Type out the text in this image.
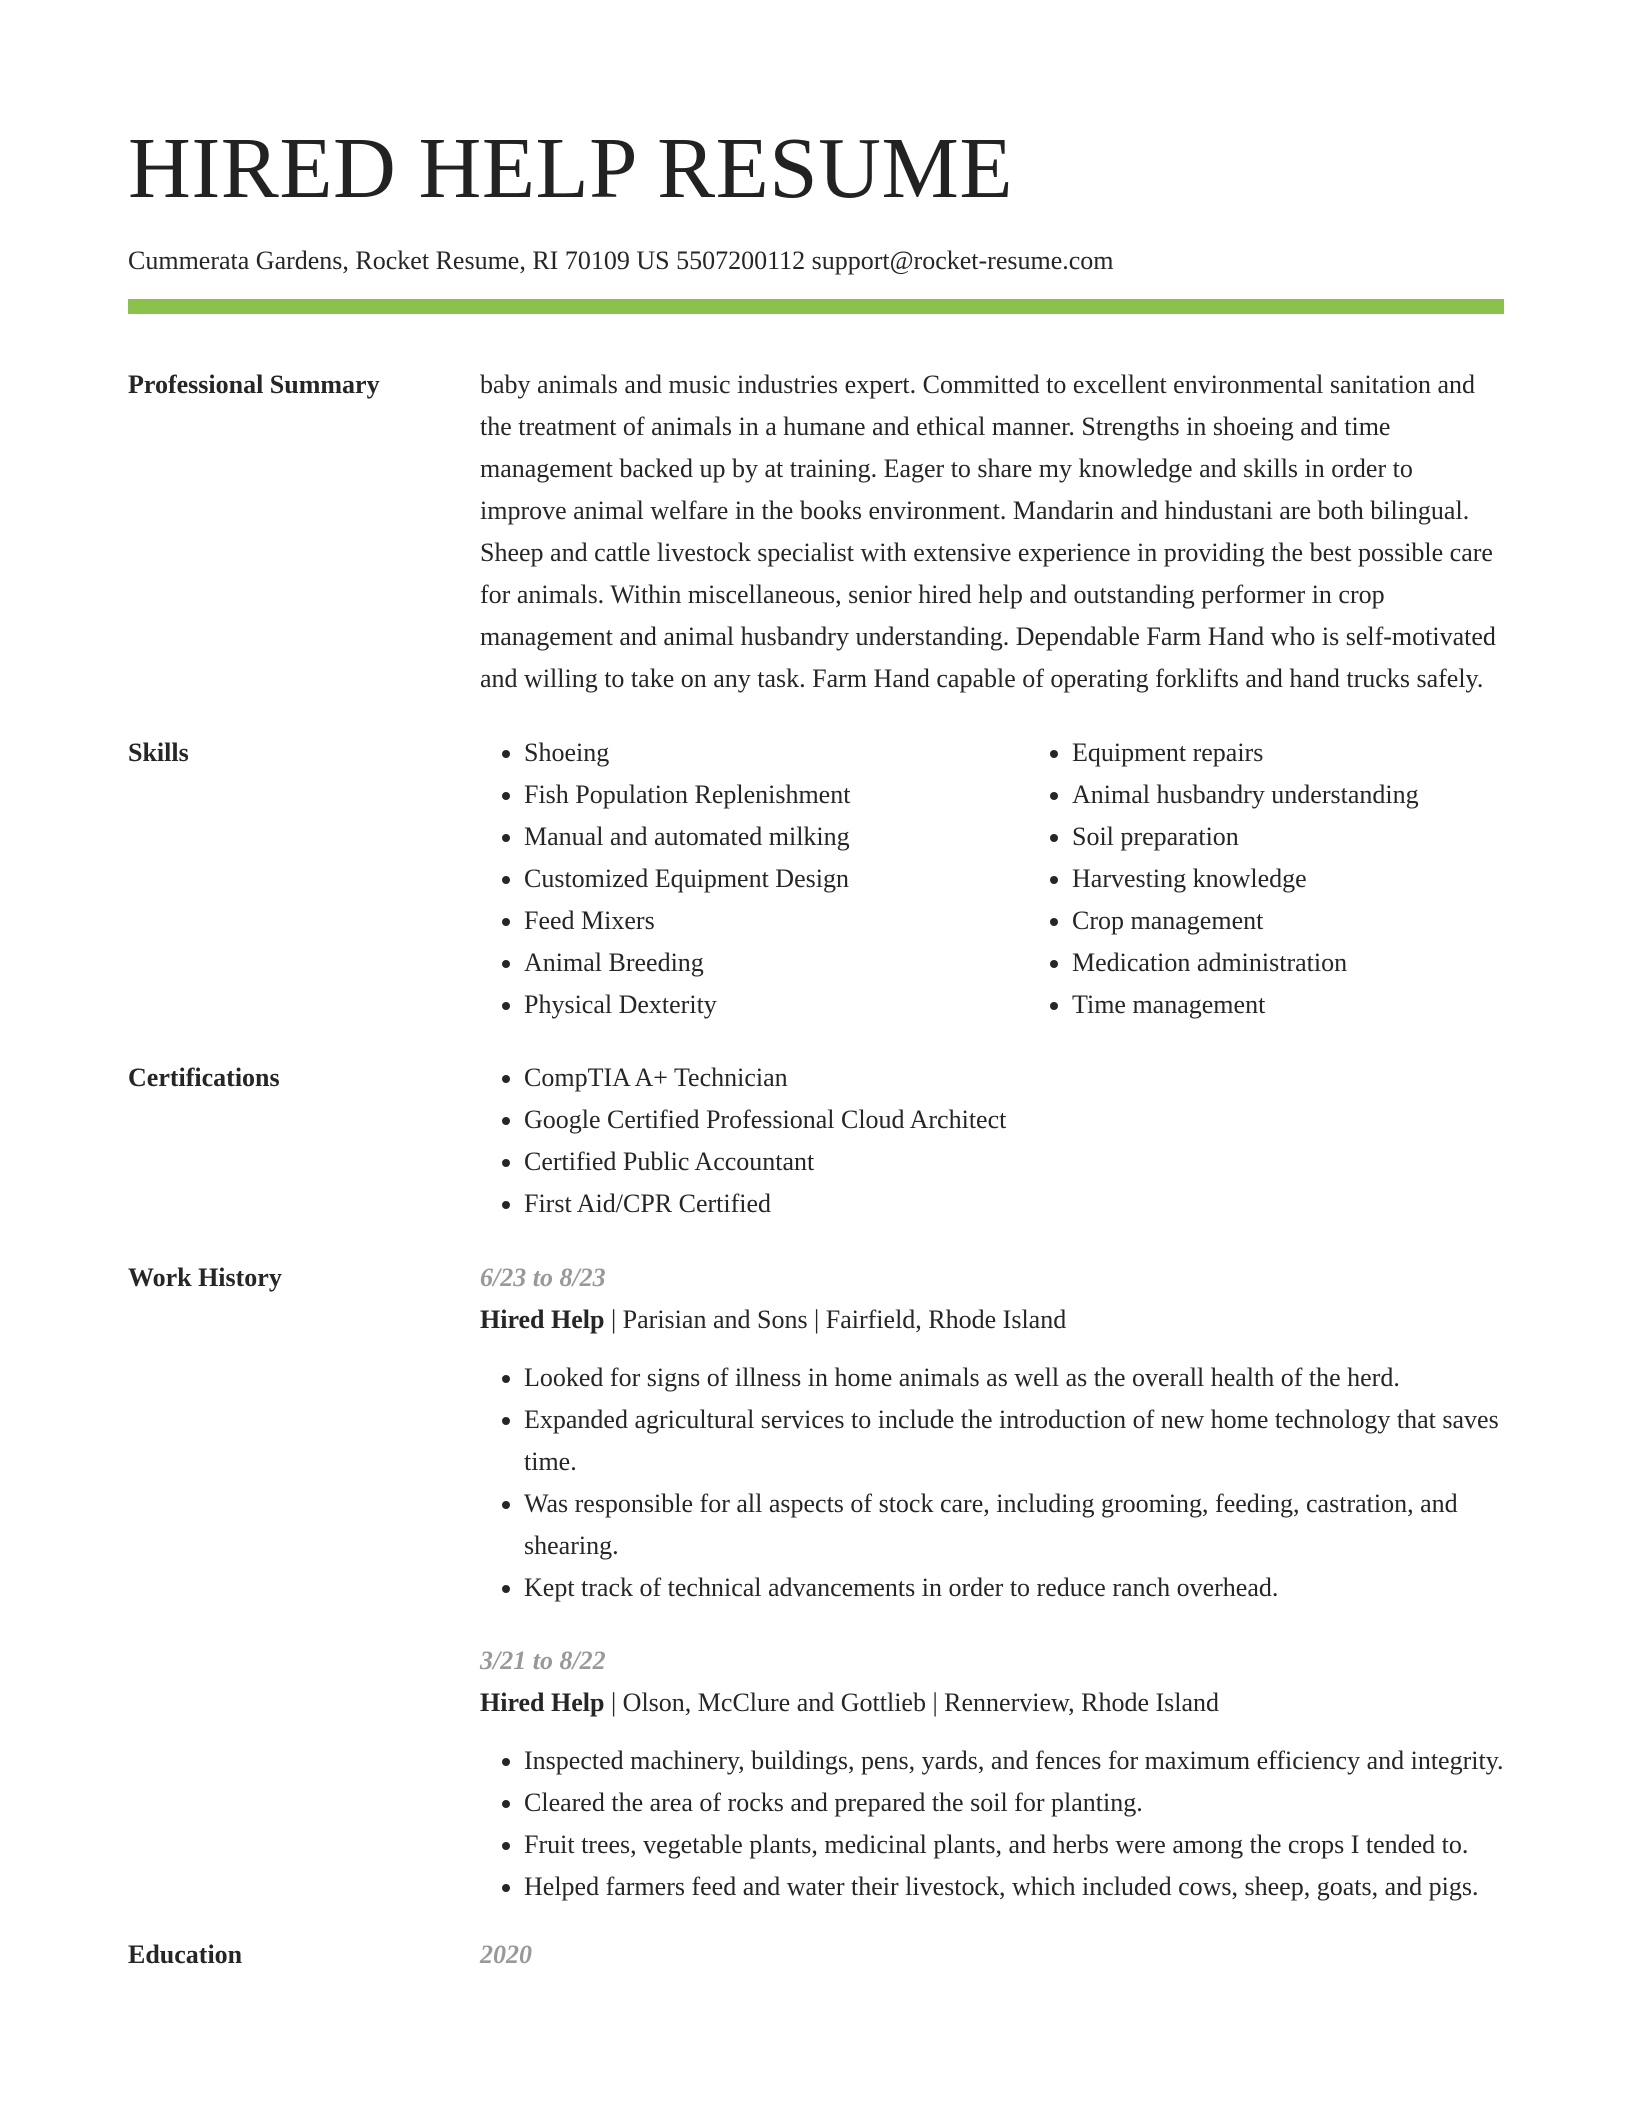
HIRED HELP RESUME
Cummerata Gardens, Rocket Resume, RI 70109 US 5507200112 support@rocket-resume.com
Professional Summary	baby animals and music industries expert. Committed to excellent environmental sanitation and the treatment of animals in a humane and ethical manner. Strengths in shoeing and time management backed up by at training. Eager to share my knowledge and skills in order to improve animal welfare in the books environment. Mandarin and hindustani are both bilingual. Sheep and cattle livestock specialist with extensive experience in providing the best possible care for animals. Within miscellaneous, senior hired help and outstanding performer in crop management and animal husbandry understanding. Dependable Farm Hand who is self-motivated and willing to take on any task. Farm Hand capable of operating forklifts and hand trucks safely.

Skills	• Shoeing
• Fish Population Replenishment
• Manual and automated milking
• Customized Equipment Design
• Feed Mixers
• Animal Breeding
• Physical Dexterity
• Equipment repairs
• Animal husbandry understanding
• Soil preparation
• Harvesting knowledge
• Crop management
• Medication administration
• Time management
Certifications	• CompTIA A+ Technician
• Google Certified Professional Cloud Architect
• Certified Public Accountant
• First Aid/CPR Certified
Work History	6/23 to 8/23
Hired Help | Parisian and Sons | Fairfield, Rhode Island
• Looked for signs of illness in home animals as well as the overall health of the herd.
• Expanded agricultural services to include the introduction of new home technology that saves time.
• Was responsible for all aspects of stock care, including grooming, feeding, castration, and shearing.
• Kept track of technical advancements in order to reduce ranch overhead.
3/21 to 8/22
Hired Help | Olson, McClure and Gottlieb | Rennerview, Rhode Island
• Inspected machinery, buildings, pens, yards, and fences for maximum efficiency and integrity.
• Cleared the area of rocks and prepared the soil for planting.
• Fruit trees, vegetable plants, medicinal plants, and herbs were among the crops I tended to.
• Helped farmers feed and water their livestock, which included cows, sheep, goats, and pigs.
Education	2020
